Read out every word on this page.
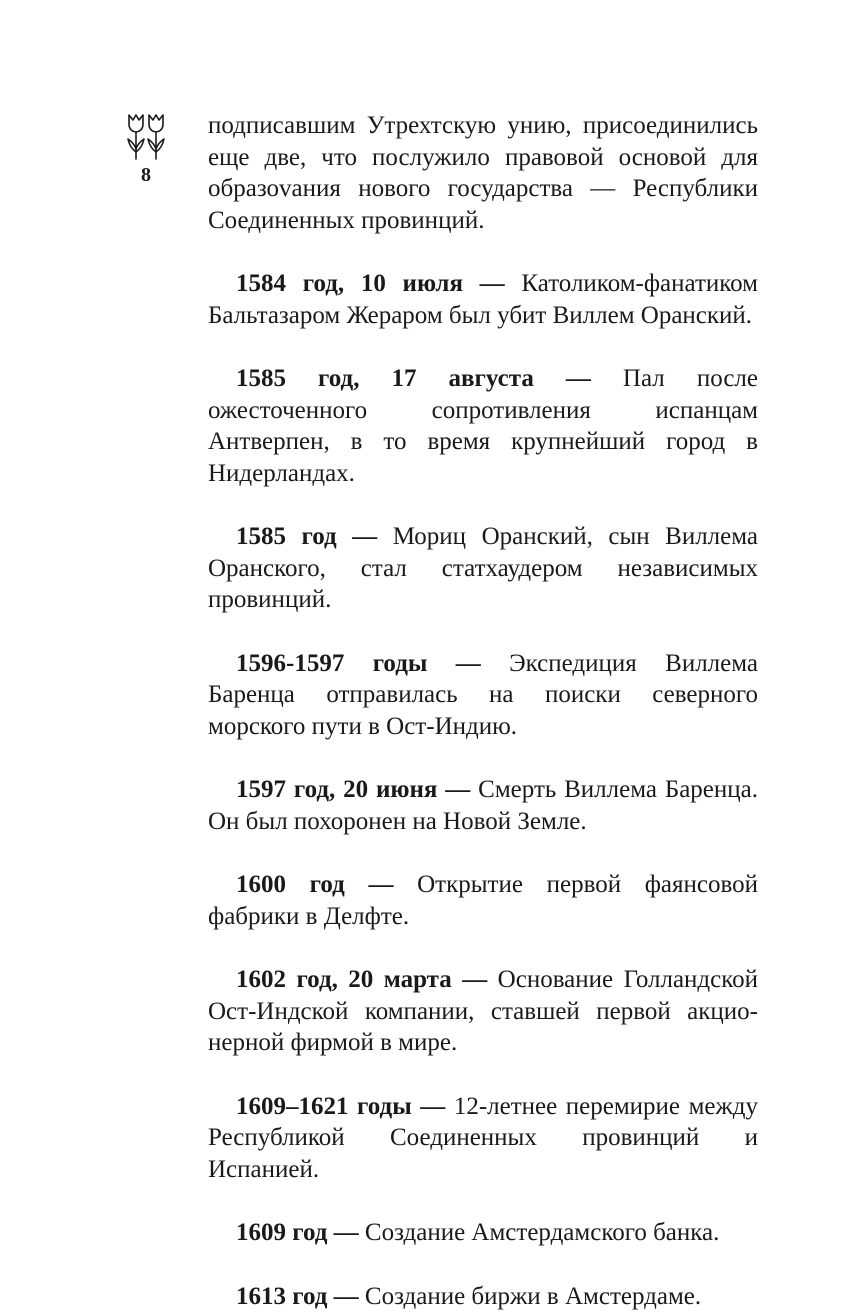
8

подписавшим Утрехтскую унию, присоединились еще две, что послужило правовой основой для образоvания нового государства — Республики Соединенных провинций.

1584 год, 10 июля — Католиком-фанатиком Бальтазаром Жераром был убит Виллем Оранский.

1585 год, 17 августа — Пал после ожесточенного сопротивления испанцам Антверпен, в то время крупнейший город в Нидерландах.

1585 год — Мориц Оранский, сын Виллема Оранского, стал статхаудером независимых провинций.

1596-1597 годы — Экспедиция Виллема Баренца отправилась на поиски северного морского пути в Ост-Индию.

1597 год, 20 июня — Смерть Виллема Баренца. Он был похоронен на Новой Земле.

1600 год — Открытие первой фаянсовой фабрики в Делфте.

1602 год, 20 марта — Основание Голландской Ост-Индской компании, ставшей первой акционерной фирмой в мире.

1609–1621 годы — 12-летнее перемирие между Республикой Соединенных провинций и Испанией.

1609 год — Создание Амстердамского банка.

1613 год — Создание биржи в Амстердаме.
